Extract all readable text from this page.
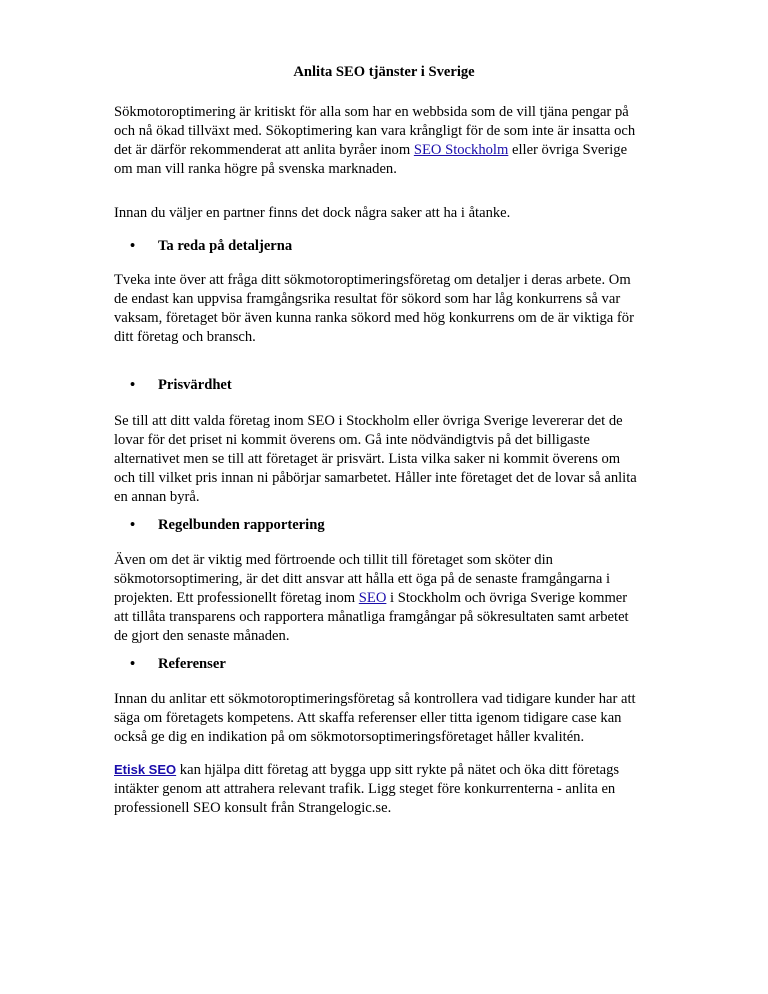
Anlita SEO tjänster i Sverige

Sökmotoroptimering är kritiskt för alla som har en webbsida som de vill tjäna pengar på

och nå ökad tillväxt med. Sökoptimering kan vara krångligt för de som inte är insatta och

det är därför rekommenderat att anlita byråer inom SEO Stockholm eller övriga Sverige

om man vill ranka högre på svenska marknaden.

Innan du väljer en partner finns det dock några saker att ha i åtanke.

• Ta reda på detaljerna

Tveka inte över att fråga ditt sökmotoroptimeringsföretag om detaljer i deras arbete. Om

de endast kan uppvisa framgångsrika resultat för sökord som har låg konkurrens så var

vaksam, företaget bör även kunna ranka sökord med hög konkurrens om de är viktiga för

ditt företag och bransch.

• Prisvärdhet

Se till att ditt valda företag inom SEO i Stockholm eller övriga Sverige levererar det de

lovar för det priset ni kommit överens om. Gå inte nödvändigtvis på det billigaste

alternativet men se till att företaget är prisvärt. Lista vilka saker ni kommit överens om

och till vilket pris innan ni påbörjar samarbetet. Håller inte företaget det de lovar så anlita

en annan byrå.

• Regelbunden rapportering

Även om det är viktig med förtroende och tillit till företaget som sköter din

sökmotorsoptimering, är det ditt ansvar att hålla ett öga på de senaste framgångarna i

projekten. Ett professionellt företag inom SEO i Stockholm och övriga Sverige kommer

att tillåta transparens och rapportera månatliga framgångar på sökresultaten samt arbetet

de gjort den senaste månaden.

• Referenser

Innan du anlitar ett sökmotoroptimeringsföretag så kontrollera vad tidigare kunder har att

säga om företagets kompetens. Att skaffa referenser eller titta igenom tidigare case kan

också ge dig en indikation på om sökmotorsoptimeringsföretaget håller kvalitén.

Etisk SEO kan hjälpa ditt företag att bygga upp sitt rykte på nätet och öka ditt företags

intäkter genom att attrahera relevant trafik. Ligg steget före konkurrenterna - anlita en

professionell SEO konsult från Strangelogic.se.
